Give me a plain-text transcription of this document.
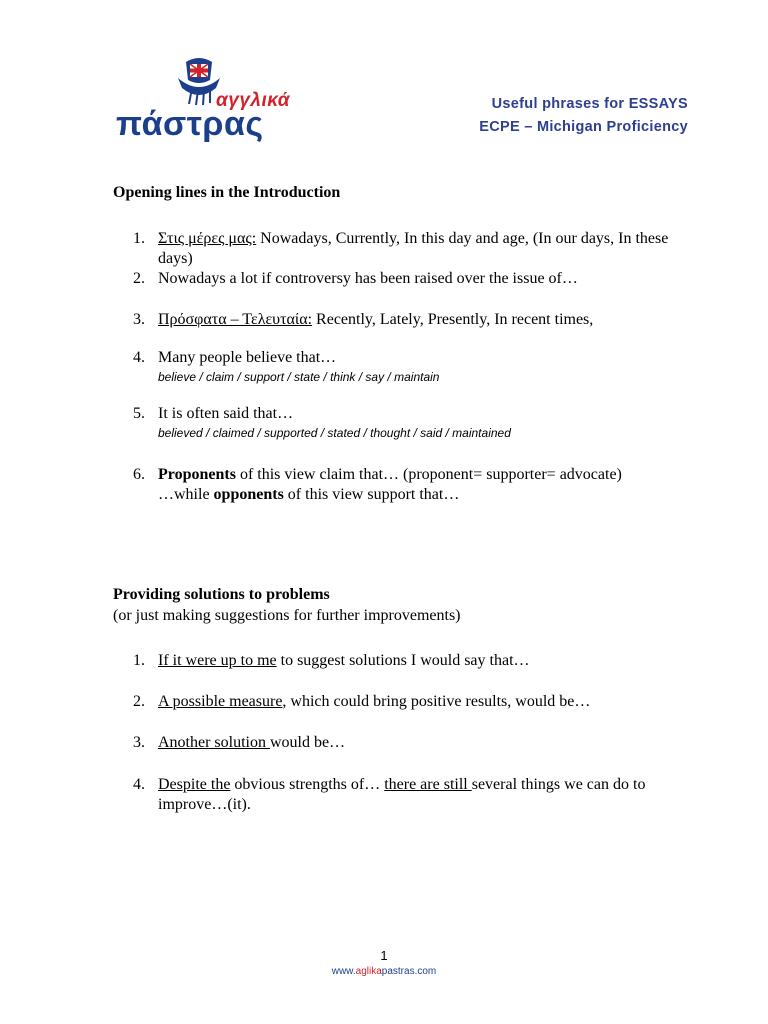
αγγλικά
πάστρας
Useful phrases for ESSAYS
ECPE – Michigan Proficiency
Opening lines in the Introduction
1. Στις μέρες μας: Nowadays, Currently, In this day and age, (In our days, In these days)
2. Nowadays a lot if controversy has been raised over the issue of…
3. Πρόσφατα – Τελευταία: Recently, Lately, Presently, In recent times,
4. Many people believe that…
believe / claim / support / state / think / say / maintain
5. It is often said that…
believed / claimed / supported / stated / thought / said / maintained
6. Proponents of this view claim that… (proponent= supporter= advocate)
…while opponents of this view support that…
Providing solutions to problems
(or just making suggestions for further improvements)
1. If it were up to me to suggest solutions I would say that…
2. A possible measure, which could bring positive results, would be…
3. Another solution would be…
4. Despite the obvious strengths of… there are still several things we can do to improve…(it).
1
www.aglikapastras.com
